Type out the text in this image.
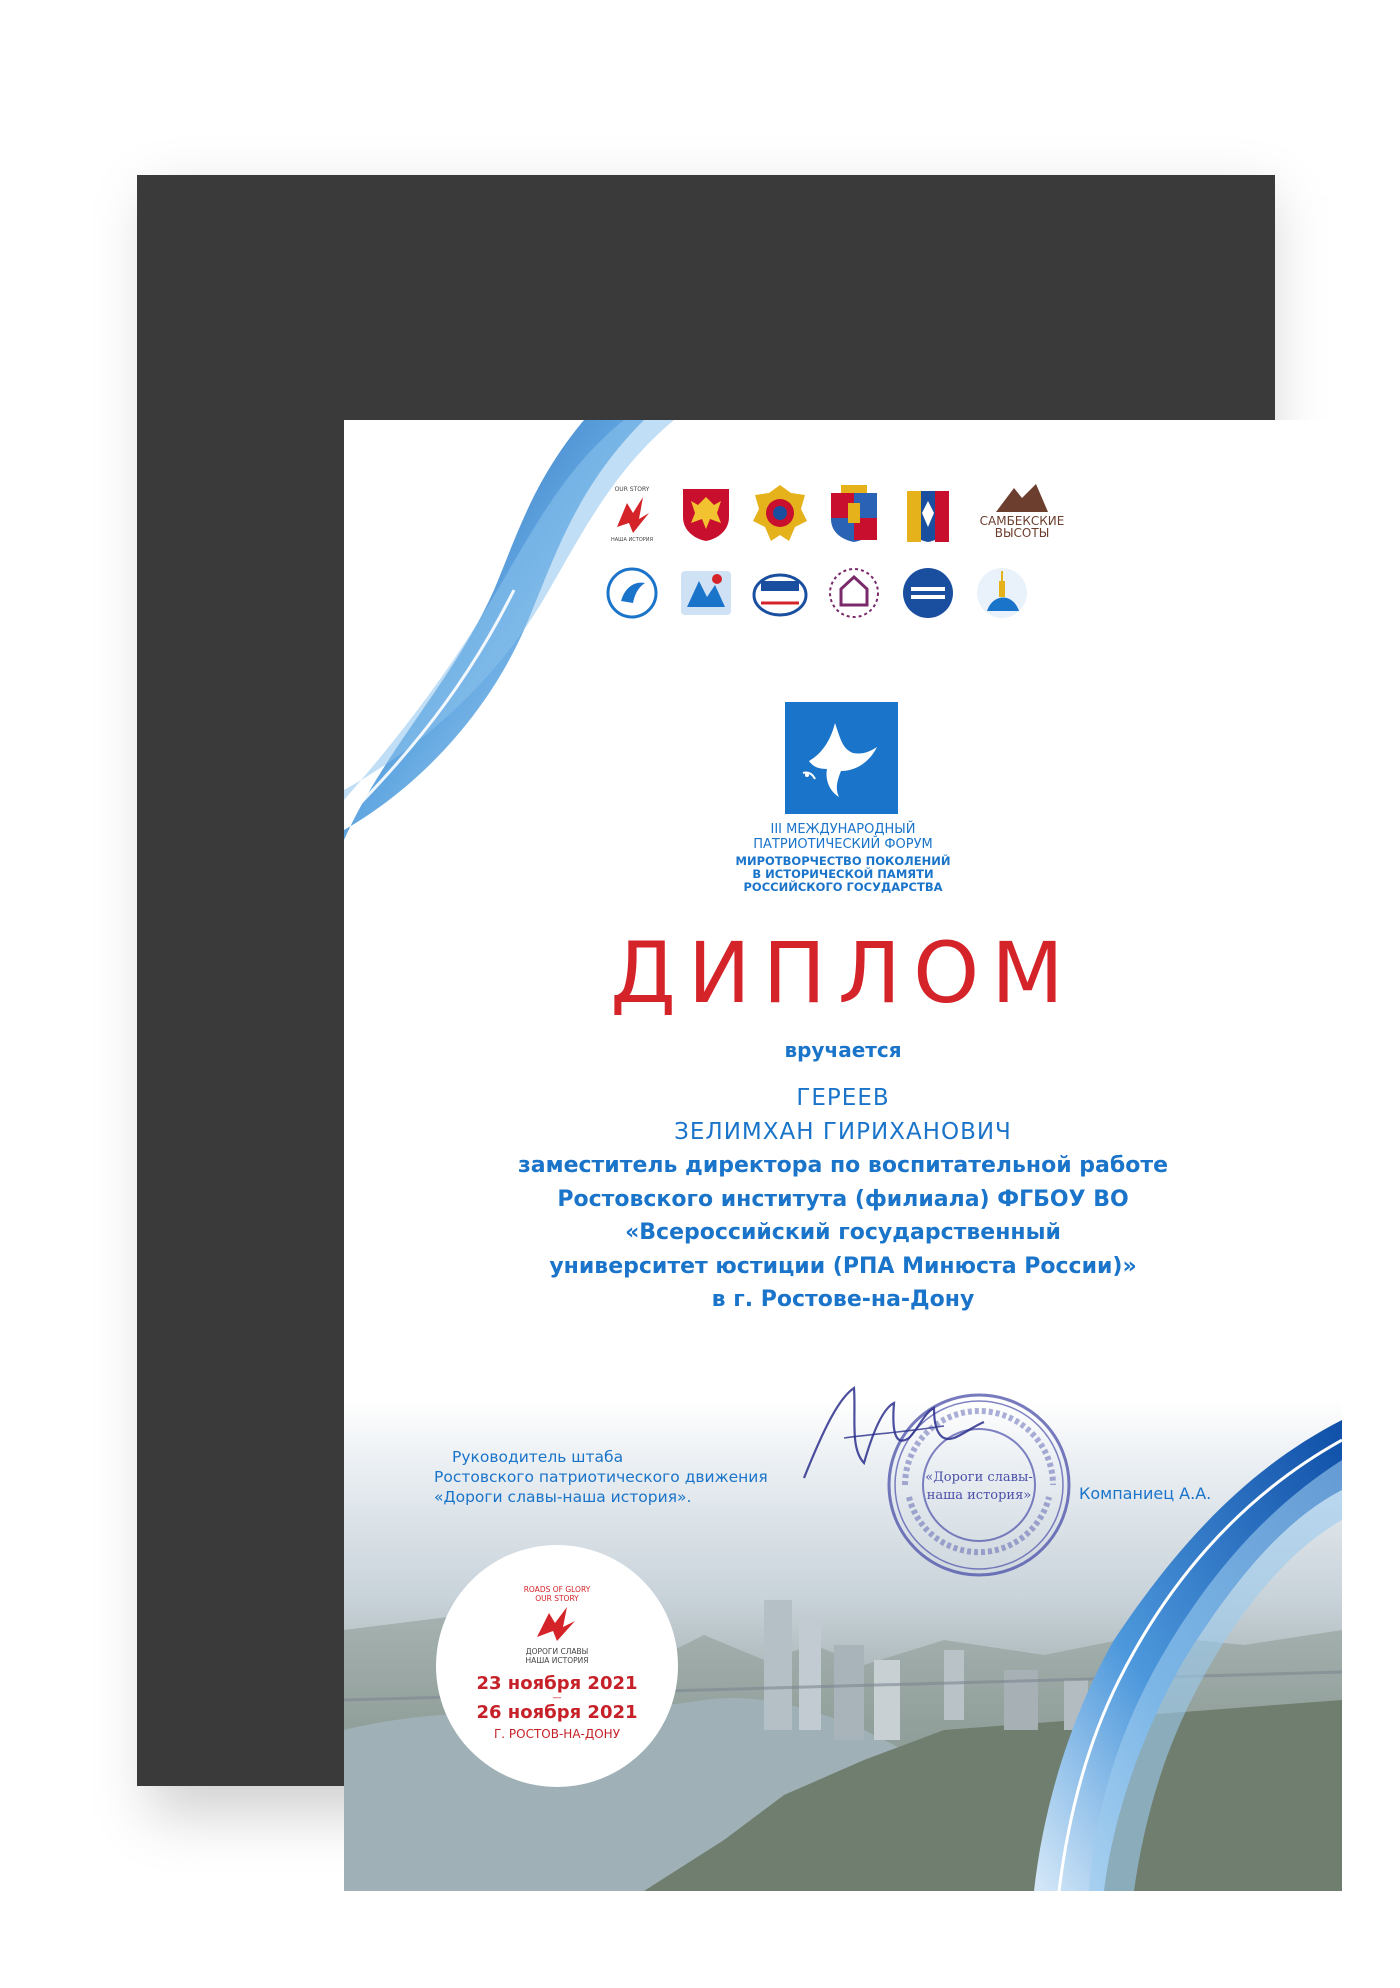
OUR STORY
НАША ИСТОРИЯ
САМБЕКСКИЕ
ВЫСОТЫ
III МЕЖДУНАРОДНЫЙ
ПАТРИОТИЧЕСКИЙ ФОРУМ
МИРОТВОРЧЕСТВО ПОКОЛЕНИЙ
В ИСТОРИЧЕСКОЙ ПАМЯТИ
РОССИЙСКОГО ГОСУДАРСТВА
ДИПЛОМ
вручается
ГЕРЕЕВ
ЗЕЛИМХАН ГИРИХАНОВИЧ
заместитель директора по воспитательной работе
Ростовского института (филиала) ФГБОУ ВО
«Всероссийский государственный
университет юстиции (РПА Минюста России)»
в г. Ростове-на-Дону
Руководитель штаба
Ростовского патриотического движения
«Дороги славы-наша история».
«Дороги славы-
наша история»	Компаниец А.А.
ROADS OF GLORY
OUR STORY
ДОРОГИ СЛАВЫ
НАША ИСТОРИЯ
23 ноября 2021
—
26 ноября 2021
Г. РОСТОВ-НА-ДОНУ
